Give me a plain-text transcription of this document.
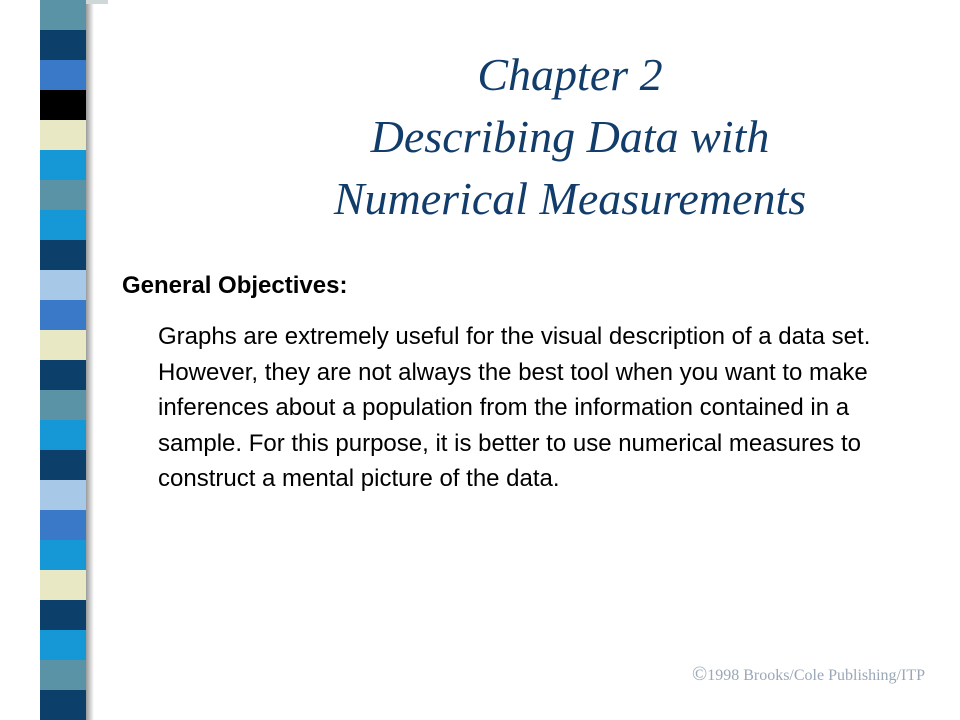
Chapter 2
Describing Data with
Numerical Measurements
General Objectives:

Graphs are extremely useful for the visual description of a data set. However, they are not always the best tool when you want to make inferences about a population from the information contained in a sample. For this purpose, it is better to use numerical measures to construct a mental picture of the data.

©1998 Brooks/Cole Publishing/ITP
